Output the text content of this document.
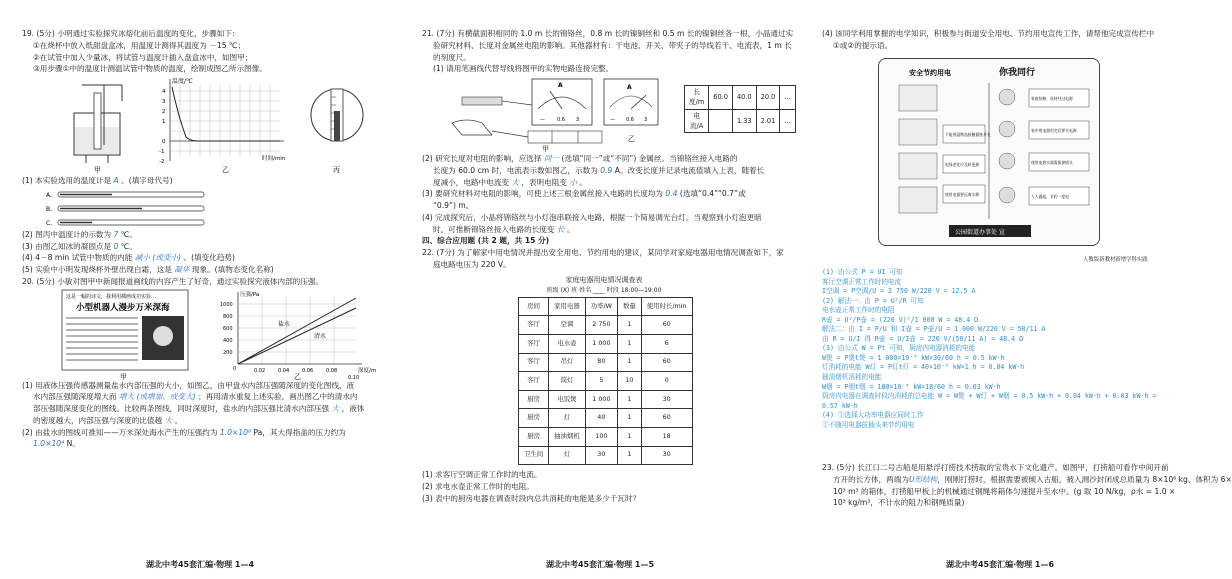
19. (5分) 小明通过实验探究冰熔化前后温度的变化，步骤如下：
①在烧杯中放入纸甜盘盒冰，用温度计测得其温度为 －15 ℃；
②在试管中加入少量冰，将试管与温度计插入盘盒冰中，如图甲；
③用步骤①中的温度计测温试管中物质的温度，绘制成图乙所示图像。
甲
温度/℃
时间/min
4
3
2
1
0
-1
-2
乙	丙
(1) 本实验选用的温度计是 A 。(填字母代号)
A.
B.
C.
(2) 图丙中温度计的示数为 7 ℃。
(3) 由图乙知冰的凝固点是 0 ℃。
(4) 4－8 min 试管中物质的内能 减小 (或变小) 。(填变化趋势)
(5) 实验中小明发现烧杯外壁出现白霜，这是 凝华 现象。(填物态变化名称)
20. (5分) 小敏对图甲中新闻报道画线的内容产生了好奇，通过实验探究液体内部的压强。
这是一幅的诗文，我利用插画成功实验…
小型机器人漫步万米深海
甲
盐水
清水
压强/Pa
深度/m
1000
800
600
400
200
0	0.02	0.04	0.06	0.08
0.10
乙
(1) 用液体压强传感器测量盐水内部压强的大小，如图乙，由甲盘水内部压强随深度的变化图线，液
水内部压强随深度增大而 增大 (或增加、或变大) ；再用清水重复上述实验，画出图乙中的清水内
部压强随深度变化的图线。比较两条图线，同时深度时，盐水的内部压强比清水内部压强 大 ，液体
的密度越大，内部压强与深度的比值越 大 。
(2) 由盐水的图线可推知——万米深处海水产生的压强约为 1.0×10⁸ Pa，其大得指盖的压力约为
1.0×10⁴ N。
湖北中考45套汇编·物理 1—4
21. (7分) 有横截面积相同的 1.0 m 长的锦铬丝，0.8 m 长的镍铜丝和 0.5 m 长的镍铜丝各一根，小晶通过实
验研究材料、长度对金属丝电阻的影响。其他器材有：干电池、开关、带夹子的导线若干、电流表，1 m 长
的刻度尺。
(1) 请用笔画线代替导线将图甲的实物电路连接完整。
A
— 0.6 3
甲
A
— 0.6 3
乙
长度/m	60.0	40.0	20.0	…
电流/A		1.33	2.01	…
(2) 研究长度对电阻的影响，应选择 同一 (选填“同一”或“不同”) 金属丝。当锦铬丝接入电路的
长度为 60.0 cm 时，电流表示数如图乙，示数为 0.9 A。改变长度并记录电流值填入上表，随着长
度减小，电路中电流变 大 ，表明电阻变 小 。
(3) 要研究材料对电阻的影响，可使上述三根金属丝接入电路的长度均为 0.4 (选填“0.4”“0.7”或
“0.9”) m。
(4) 完成探究后，小晶将锦铬丝与小灯泡串联接入电路，根据一个简易调光台灯。当观察到小灯泡更暗
时，可推断锦铬丝接入电路的长度变 长 。
四、综合应用题 (共 2 题，共 15 分)
22. (7分) 为了解家中用电情况并提出安全用电、节约用电的建议，某同学对家庭电器用电情况调查如下，家
庭电路电压为 220 V。
家庭电器用电情况调查表
班级 (X) 班 姓名 ____ 时段 18:00—19:00
房间	家用电器	功率/W	数量	使用时长/min
客厅	空调	2 750	1	60
客厅	电水壶	1 000	1	6
客厅	吊灯	80	1	60
客厅	筒灯	5	10	0
厨房	电饭煲	1 000	1	30
厨房	灯	40	1	60
厨房	抽油烟机	100	1	18
卫生间	灯	30	1	30
(1) 求客厅空调正常工作时的电流。
(2) 求电水壶正常工作时的电阻。
(3) 表中的厨房电器在调查时段内总共消耗的电能是多少千瓦时？
湖北中考45套汇编·物理 1—5
(4) 该同学利用掌握的电学知识，积极参与街道安全用电、节约用电宣传工作，请帮他完成宣传栏中
①或②的提示语。
安全节约用电	你我同行
不能用湿物品接触插座开关
电线老化应及时更换
使用电器要远离水源
家庭装修，选材经过电源
家中用电器用完后要关电源
使用电热水器需拔掉插头
人人做起，节约一度电
公园街道办事处 宣
人教版新教材新增学科实践
(1) 由公式 P = UI 可知
客厅空调正常工作时的电流
I空调 = P空调/U = 2 750 W/220 V = 12.5 A
(2) 解法一：由 P = U²/R 可知
电水壶正常工作时的电阻
R壶 = U²/P壶 = (220 V)²/1 000 W = 48.4 Ω
解法二：由 I = P/U 和 I壶 = P壶/U = 1 000 W/220 V = 50/11 A
由 R = U/I 得 R壶 = U/I壶 = 220 V/(50/11 A) = 48.4 Ω
(3) 由公式 W = Pt 可知，厨房内电器消耗的电能
W煲 = P煲t煲 = 1 000×10⁻³ kW×30/60 h = 0.5 kW·h
灯消耗的电能 W灯 = P灯t灯 = 40×10⁻³ kW×1 h = 0.04 kW·h
抽油烟机消耗的电能
W烟 = P烟t烟 = 100×10⁻³ kW×18/60 h = 0.03 kW·h
厨房内电器在调查时段内消耗的总电能 W = W煲 + W灯 + W烟 = 0.5 kW·h + 0.04 kW·h + 0.03 kW·h =
0.57 kW·h
(4) ①选择大功率电器应同时工作
②不随用电器拔插头来节约用电
23. (5分) 长江口二号古船是用悬浮打捞技术捞取的宝贵水下文化遗产。如图甲，打捞船可看作中间开前
方开的长方体，两端为U形结构，刚刚打捞时，根据需要被倾入古船，被入测沙封闭成总质量为 8×10⁶ kg、体积为 6×
10³ m³ 的箱体，打捞船甲板上的机械通过钢绳将箱体匀速提升至水中。(g 取 10 N/kg，ρ水 = 1.0 ×
10³ kg/m³，不计水的阻力和钢绳质量)
湖北中考45套汇编·物理 1—6
